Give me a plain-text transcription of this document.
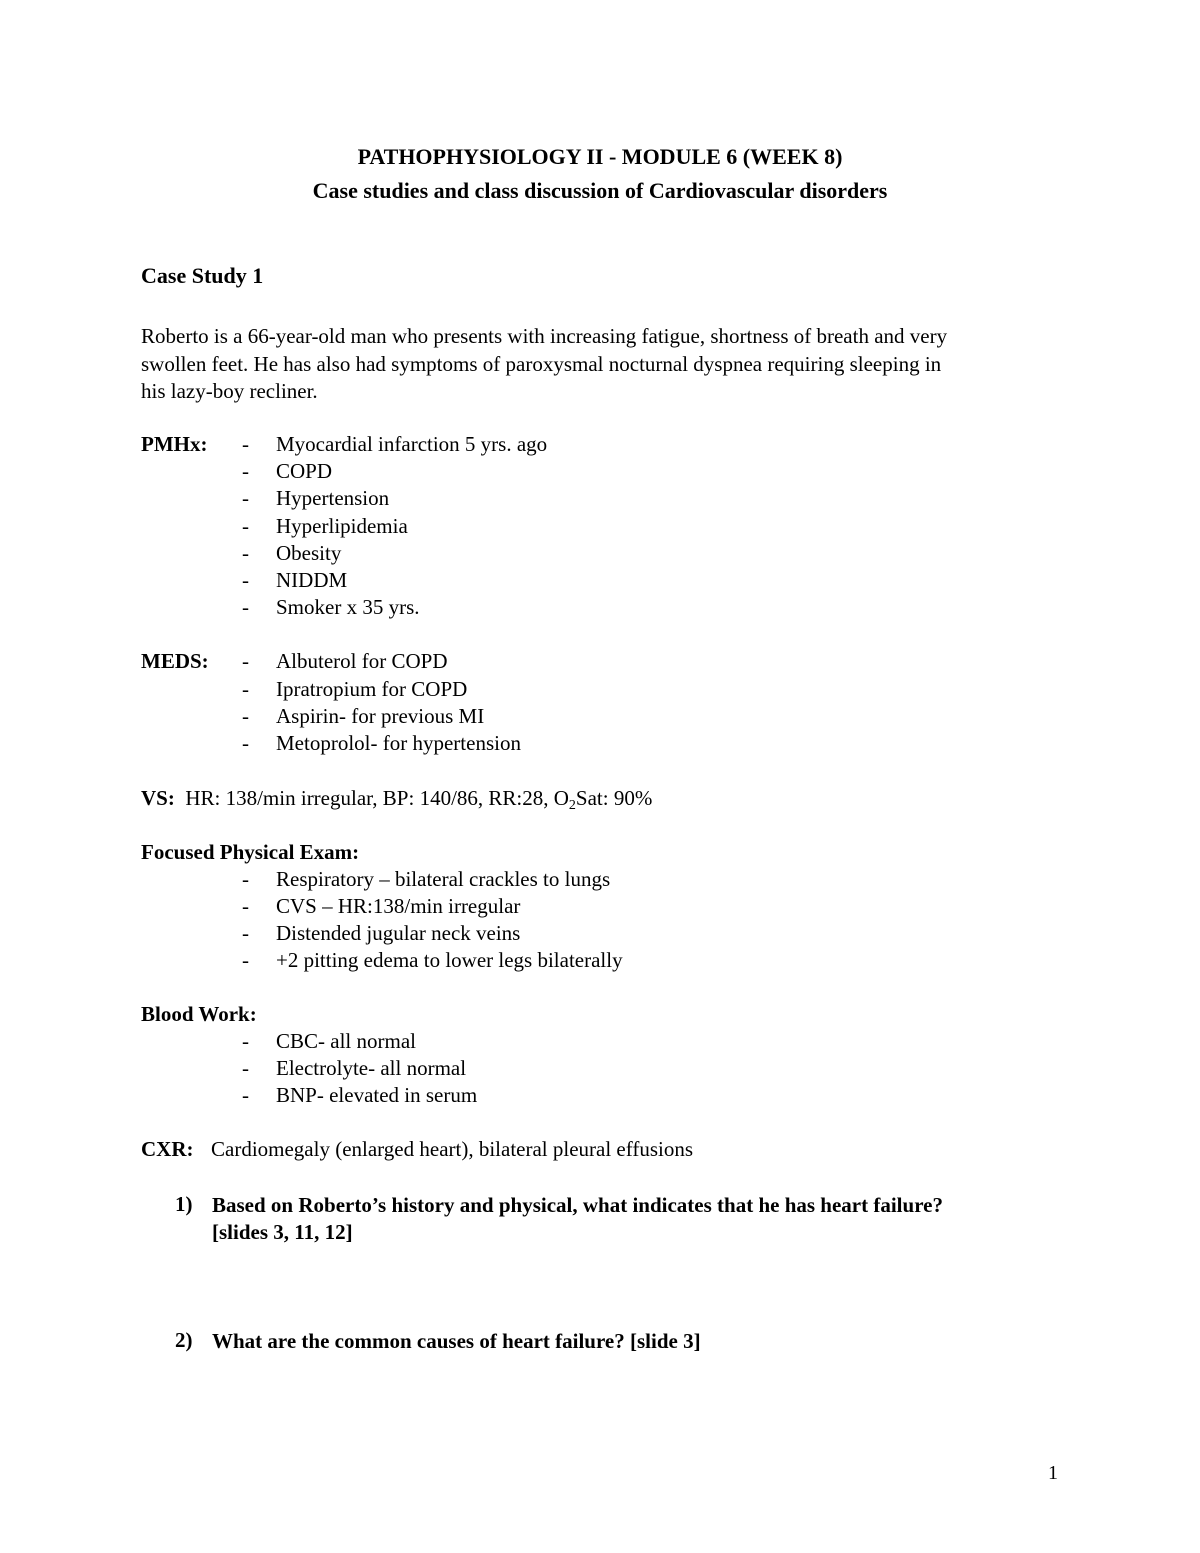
PATHOPHYSIOLOGY II - MODULE 6 (WEEK 8)
Case studies and class discussion of Cardiovascular disorders
Case Study 1
Roberto is a 66-year-old man who presents with increasing fatigue, shortness of breath and very
swollen feet. He has also had symptoms of paroxysmal nocturnal dyspnea requiring sleeping in
his lazy-boy recliner.
PMHx: - Myocardial infarction 5 yrs. ago
- COPD
- Hypertension
- Hyperlipidemia
- Obesity
- NIDDM
- Smoker x 35 yrs.
MEDS: - Albuterol for COPD
- Ipratropium for COPD
- Aspirin- for previous MI
- Metoprolol- for hypertension
VS: HR: 138/min irregular, BP: 140/86, RR:28, $O_2Sat$: 90%
Focused Physical Exam:
- Respiratory – bilateral crackles to lungs
- CVS – HR:138/min irregular
- Distended jugular neck veins
- +2 pitting edema to lower legs bilaterally
Blood Work:
- CBC- all normal
- Electrolyte- all normal
- BNP- elevated in serum
CXR: Cardiomegaly (enlarged heart), bilateral pleural effusions
1) Based on Roberto’s history and physical, what indicates that he has heart failure?
[slides 3, 11, 12]
2) What are the common causes of heart failure? [slide 3]
1
